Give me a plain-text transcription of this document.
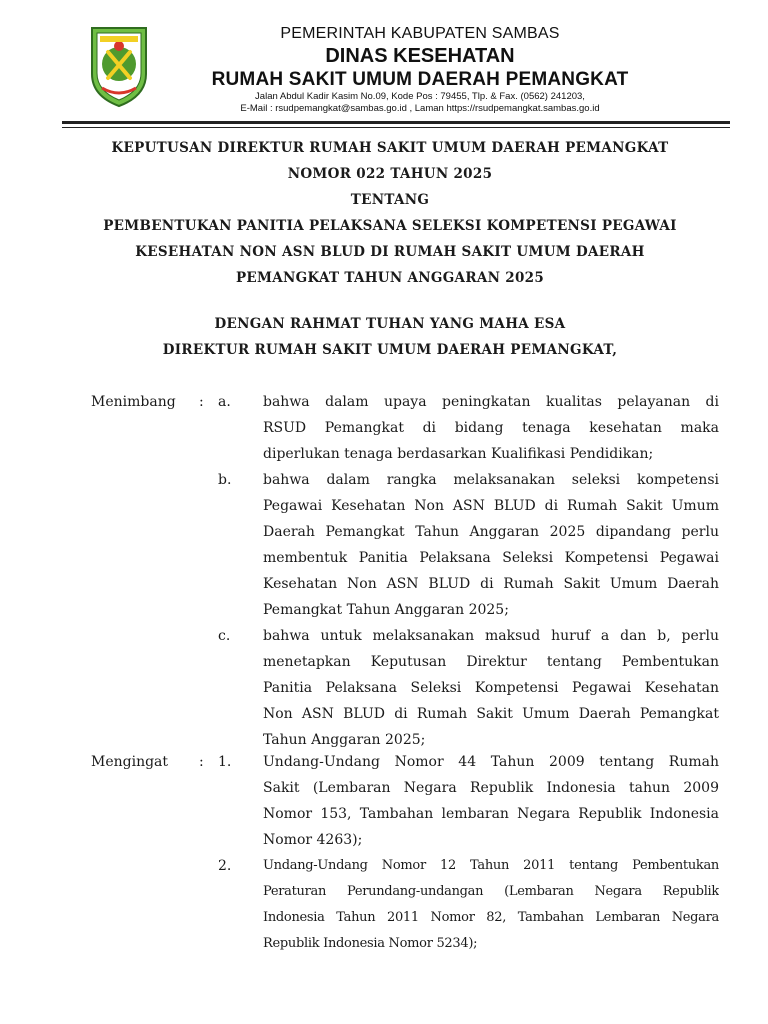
PEMERINTAH KABUPATEN SAMBAS
DINAS KESEHATAN
RUMAH SAKIT UMUM DAERAH PEMANGKAT
Jalan Abdul Kadir Kasim No.09, Kode Pos : 79455, Tlp. & Fax. (0562) 241203,
E-Mail : rsudpemangkat@sambas.go.id , Laman https://rsudpemangkat.sambas.go.id
KEPUTUSAN DIREKTUR RUMAH SAKIT UMUM DAERAH PEMANGKAT
NOMOR 022 TAHUN 2025
TENTANG
PEMBENTUKAN PANITIA PELAKSANA SELEKSI KOMPETENSI PEGAWAI
KESEHATAN NON ASN BLUD DI RUMAH SAKIT UMUM DAERAH
PEMANGKAT TAHUN ANGGARAN 2025
DENGAN RAHMAT TUHAN YANG MAHA ESA
DIREKTUR RUMAH SAKIT UMUM DAERAH PEMANGKAT,
Menimbang : a. bahwa dalam upaya peningkatan kualitas pelayanan di
RSUD Pemangkat di bidang tenaga kesehatan maka
diperlukan tenaga berdasarkan Kualifikasi Pendidikan;
b. bahwa dalam rangka melaksanakan seleksi kompetensi
Pegawai Kesehatan Non ASN BLUD di Rumah Sakit Umum
Daerah Pemangkat Tahun Anggaran 2025 dipandang perlu
membentuk Panitia Pelaksana Seleksi Kompetensi Pegawai
Kesehatan Non ASN BLUD di Rumah Sakit Umum Daerah
Pemangkat Tahun Anggaran 2025;
c. bahwa untuk melaksanakan maksud huruf a dan b, perlu
menetapkan Keputusan Direktur tentang Pembentukan
Panitia Pelaksana Seleksi Kompetensi Pegawai Kesehatan
Non ASN BLUD di Rumah Sakit Umum Daerah Pemangkat
Tahun Anggaran 2025;
Mengingat : 1. Undang-Undang Nomor 44 Tahun 2009 tentang Rumah
Sakit (Lembaran Negara Republik Indonesia tahun 2009
Nomor 153, Tambahan lembaran Negara Republik Indonesia
Nomor 4263);
2. Undang-Undang Nomor 12 Tahun 2011 tentang Pembentukan
Peraturan Perundang-undangan (Lembaran Negara Republik
Indonesia Tahun 2011 Nomor 82, Tambahan Lembaran Negara
Republik Indonesia Nomor 5234);
